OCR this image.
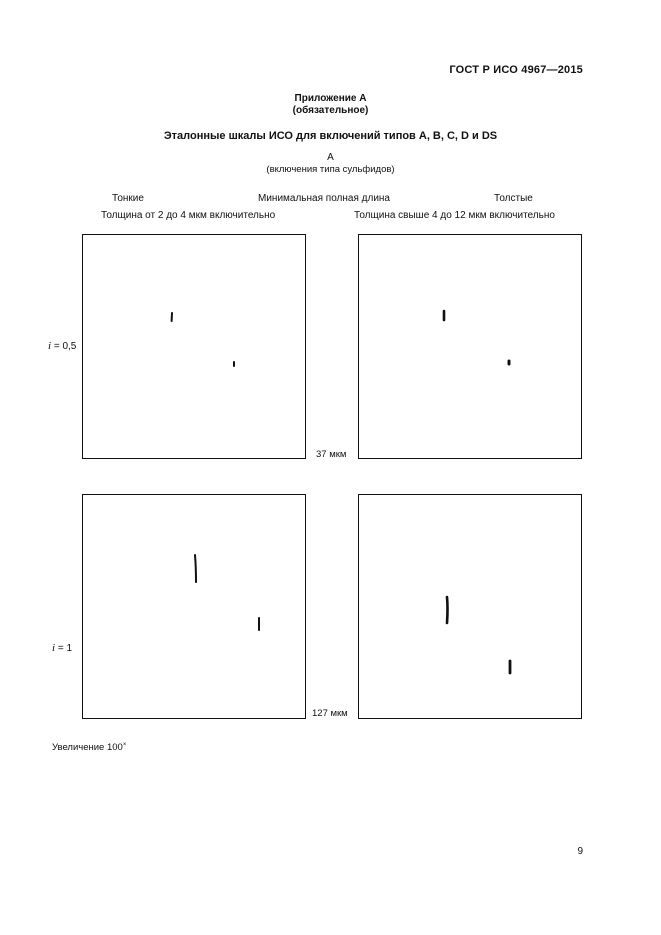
ГОСТ Р ИСО 4967—2015
Приложение А
(обязательное)
Эталонные шкалы ИСО для включений типов А, В, С, D и DS
А
(включения типа сульфидов)
Тонкие	Минимальная полная длина	Толстые
Толщина от 2 до 4 мкм включительно	Толщина свыше 4 до 12 мкм включительно
i = 0,5
37 мкм
i = 1
127 мкм
Увеличение 100×
9
